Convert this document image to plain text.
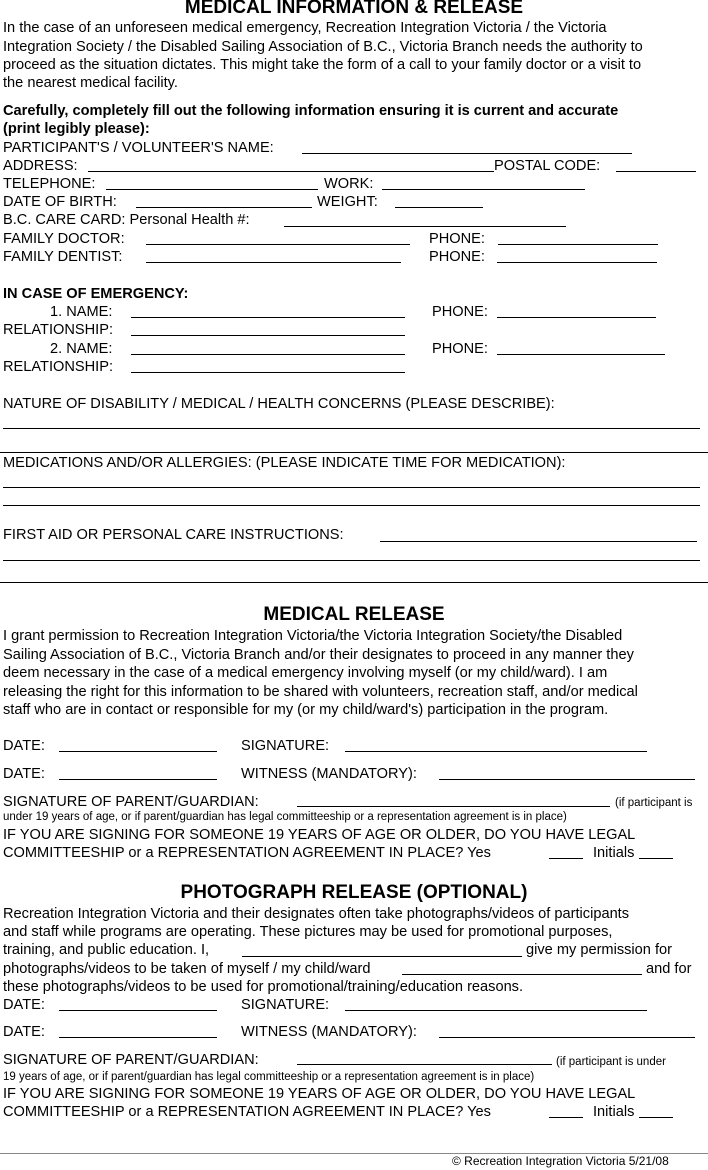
MEDICAL INFORMATION & RELEASE
In the case of an unforeseen medical emergency, Recreation Integration Victoria / the Victoria
Integration Society / the Disabled Sailing Association of B.C., Victoria Branch needs the authority to
proceed as the situation dictates. This might take the form of a call to your family doctor or a visit to
the nearest medical facility.
Carefully, completely fill out the following information ensuring it is current and accurate
(print legibly please):
PARTICIPANT'S / VOLUNTEER'S NAME:
ADDRESS:	POSTAL CODE:
TELEPHONE:	WORK:
DATE OF BIRTH:	WEIGHT:
B.C. CARE CARD: Personal Health #:
FAMILY DOCTOR:	PHONE:
FAMILY DENTIST:	PHONE:
IN CASE OF EMERGENCY:
1. NAME:	PHONE:
RELATIONSHIP:
2. NAME:	PHONE:
RELATIONSHIP:
NATURE OF DISABILITY / MEDICAL / HEALTH CONCERNS (PLEASE DESCRIBE):
MEDICATIONS AND/OR ALLERGIES: (PLEASE INDICATE TIME FOR MEDICATION):
FIRST AID OR PERSONAL CARE INSTRUCTIONS:
MEDICAL RELEASE
I grant permission to Recreation Integration Victoria/the Victoria Integration Society/the Disabled
Sailing Association of B.C., Victoria Branch and/or their designates to proceed in any manner they
deem necessary in the case of a medical emergency involving myself (or my child/ward). I am
releasing the right for this information to be shared with volunteers, recreation staff, and/or medical
staff who are in contact or responsible for my (or my child/ward's) participation in the program.
DATE:	SIGNATURE:
DATE:	WITNESS (MANDATORY):
SIGNATURE OF PARENT/GUARDIAN:	(if participant is
under 19 years of age, or if parent/guardian has legal committeeship or a representation agreement is in place)
IF YOU ARE SIGNING FOR SOMEONE 19 YEARS OF AGE OR OLDER, DO YOU HAVE LEGAL
COMMITTEESHIP or a REPRESENTATION AGREEMENT IN PLACE? Yes	Initials
PHOTOGRAPH RELEASE (OPTIONAL)
Recreation Integration Victoria and their designates often take photographs/videos of participants
and staff while programs are operating. These pictures may be used for promotional purposes,
training, and public education. I,	give my permission for
photographs/videos to be taken of myself / my child/ward	and for
these photographs/videos to be used for promotional/training/education reasons.
DATE:	SIGNATURE:
DATE:	WITNESS (MANDATORY):
SIGNATURE OF PARENT/GUARDIAN:	(if participant is under
19 years of age, or if parent/guardian has legal committeeship or a representation agreement is in place)
IF YOU ARE SIGNING FOR SOMEONE 19 YEARS OF AGE OR OLDER, DO YOU HAVE LEGAL
COMMITTEESHIP or a REPRESENTATION AGREEMENT IN PLACE? Yes	Initials
© Recreation Integration Victoria 5/21/08
